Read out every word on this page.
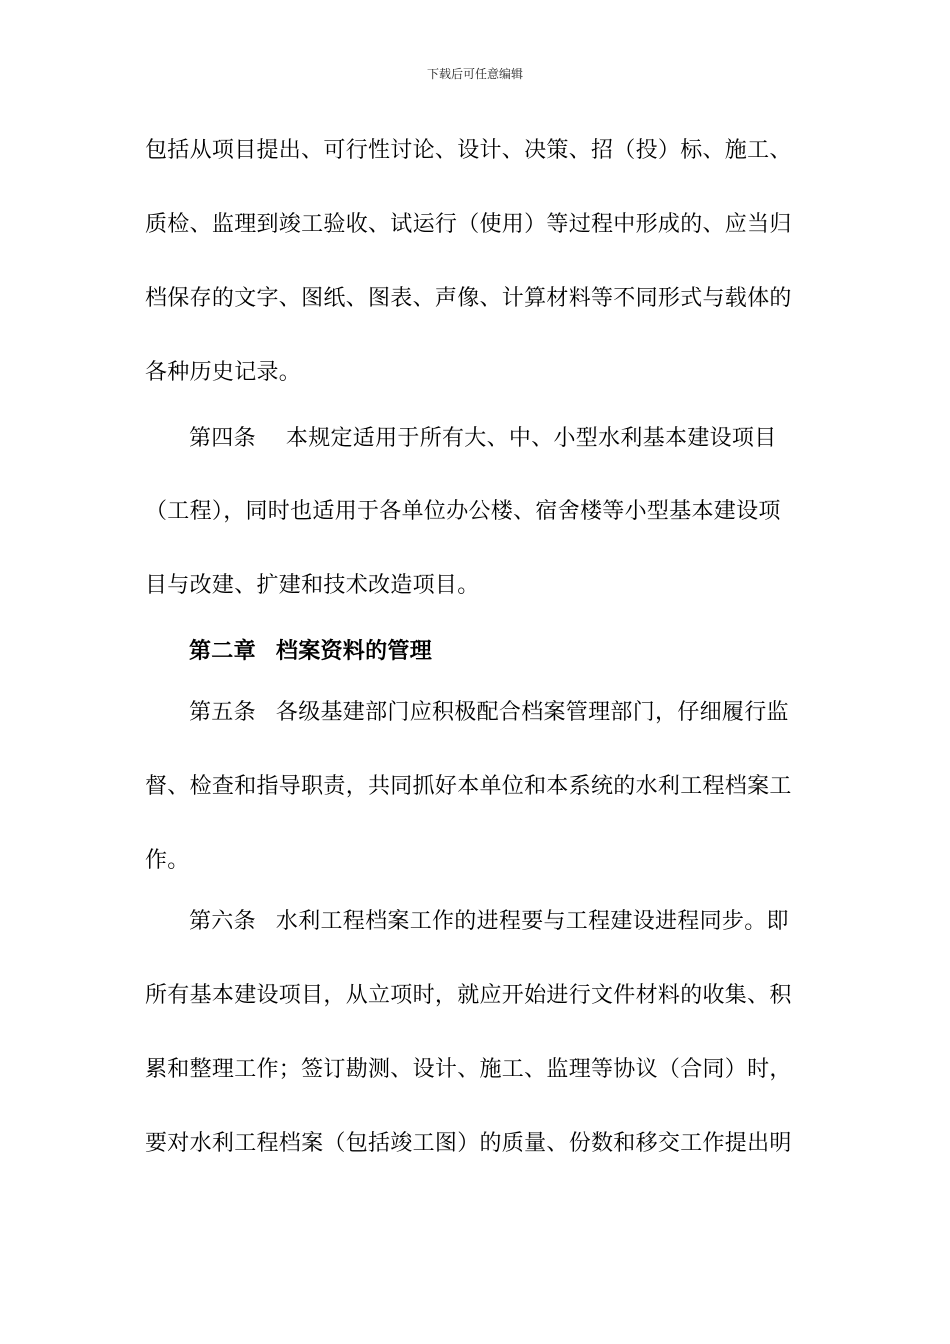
下载后可任意编辑
包括从项目提出、可行性讨论、设计、决策、招（投）标、施工、
质检、监理到竣工验收、试运行（使用）等过程中形成的、应当归
档保存的文字、图纸、图表、声像、计算材料等不同形式与载体的
各种历史记录。
第四条 本规定适用于所有大、中、小型水利基本建设项目
（工程），同时也适用于各单位办公楼、宿舍楼等小型基本建设项
目与改建、扩建和技术改造项目。
第二章 档案资料的管理
第五条 各级基建部门应积极配合档案管理部门，仔细履行监
督、检查和指导职责，共同抓好本单位和本系统的水利工程档案工
作。
第六条 水利工程档案工作的进程要与工程建设进程同步。即
所有基本建设项目，从立项时，就应开始进行文件材料的收集、积
累和整理工作；签订勘测、设计、施工、监理等协议（合同）时，
要对水利工程档案（包括竣工图）的质量、份数和移交工作提出明
